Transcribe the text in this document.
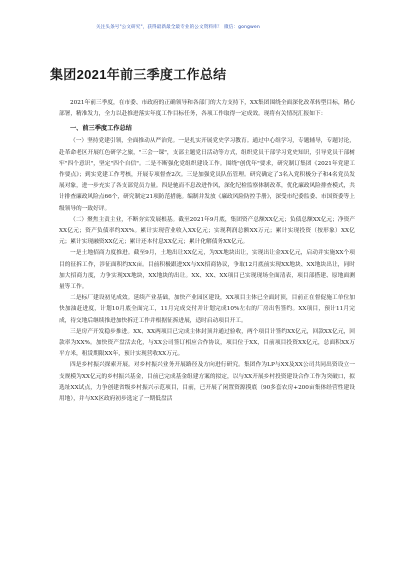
关注头条号"公文研究"，获得最新最全最专业的公文资料库！ 微信：gongwen
集团2021年前三季度工作总结

2021年前三季度，在市委、市政府的正确领导和各部门的大力支持下，XX集团围绕全面深化改革转型目标，精心部署，精准发力，全力以赴推进落实年度工作目标任务，各项工作取得一定成效。现将有关情况汇报如下：

一、前三季度工作总结

（一）坚持党建引领，全面推动从严治党。一是扎实开展党史学习教育。通过中心组学习，专题辅导，专题讨论，赴革命老区开展红色研学之旅，"三会一课"，支部主题党日活动等方式，组织党员干部学习党史知识，引导党员干部树牢"四个意识"，坚定"四个自信"。二是不断强化党组织建设工作。围绕"创优年"要求，研究制订集团《2021年党建工作要点》；到实党建工作考核，开展专项督查2次。三是加强党员队伍管理。研究确定了3名入党积极分子和4名党员发展对象，进一步充实了各支部党员力量。四是驰而不息改进作风，深化纪检监察体制改革，优化廉政风险排查模式，共计排查廉政风险点66个，研究制定21项防范措施。编制并发放《廉政风险防控手册》，深受市纪委监委、市国资委等上级领导的一致好评。

（二）聚焦主责主业，不断夯实发展根基。截至2021年9月底，集团资产总额XX亿元；负债总额XX亿元；净资产XX亿元；资产负债率约XX%。累计实现营业收入XX亿元；实现利润总额XX万元；累计实现投资（按形象）XX亿元；累计实现融资XX亿元；累计还本付息XX亿元；累计化解债务XX亿元。

一是土地招商力度推进。截至9月，土地出让XX亿元，为XX地块出让，实现出让金XX亿元，启动并实施XX个项目的征拆工作，涉征面积约XX亩。目前积极跟进XX与XX招商协议，争取12月底前实现XX地块、XX地块出让，同时加大招商力度，力争实现XX地块，XX地块的出让。XX、XX、XX项目已实现现场全面清表，项目部搭建、原地面测量等工作。

二是标厂建设初见成效。延续产业基础，加快产业园区建设，XX项目主体已全面封顶，目前正在督促施工单位加快加油赶进度，计划10月底全面完工，11月完成交付并计划完成10%左右的厂房出售签约。XX项目，预计11月完成，待交地后继续推进加快拆迁工作并根据征拆进展，适时启动项目开工。

三是房产开发稳步推进。XX、XX两项目已完成主体封顶并通过验收，两个项目计签约XX亿元，回款XX亿元，回款率为XX%。加快资产盘活去化，与XX公司签订相应合作协议，项目位于XX，目前项目投资XX亿元，总面积XX万平方米，租赁期限XX年，预计实现营收XX万元。

四是乡村振兴探索开展。对乡村振兴业务开展路径及方向进行研究。集团作为LP与XX及XX公司共同出资设立一支规模为XX亿元的乡村振兴基金，目前已完成基金组建方案的拟定，以与XX开展乡村投资建设合作工作为突破口，拟选址XX试点，力争创建省级乡村振兴示范项目，目前，已开展了闲置资源摸底（90多套农房+200亩集体经营性建设用地），并与XX区政府初步选定了一期低盘活
